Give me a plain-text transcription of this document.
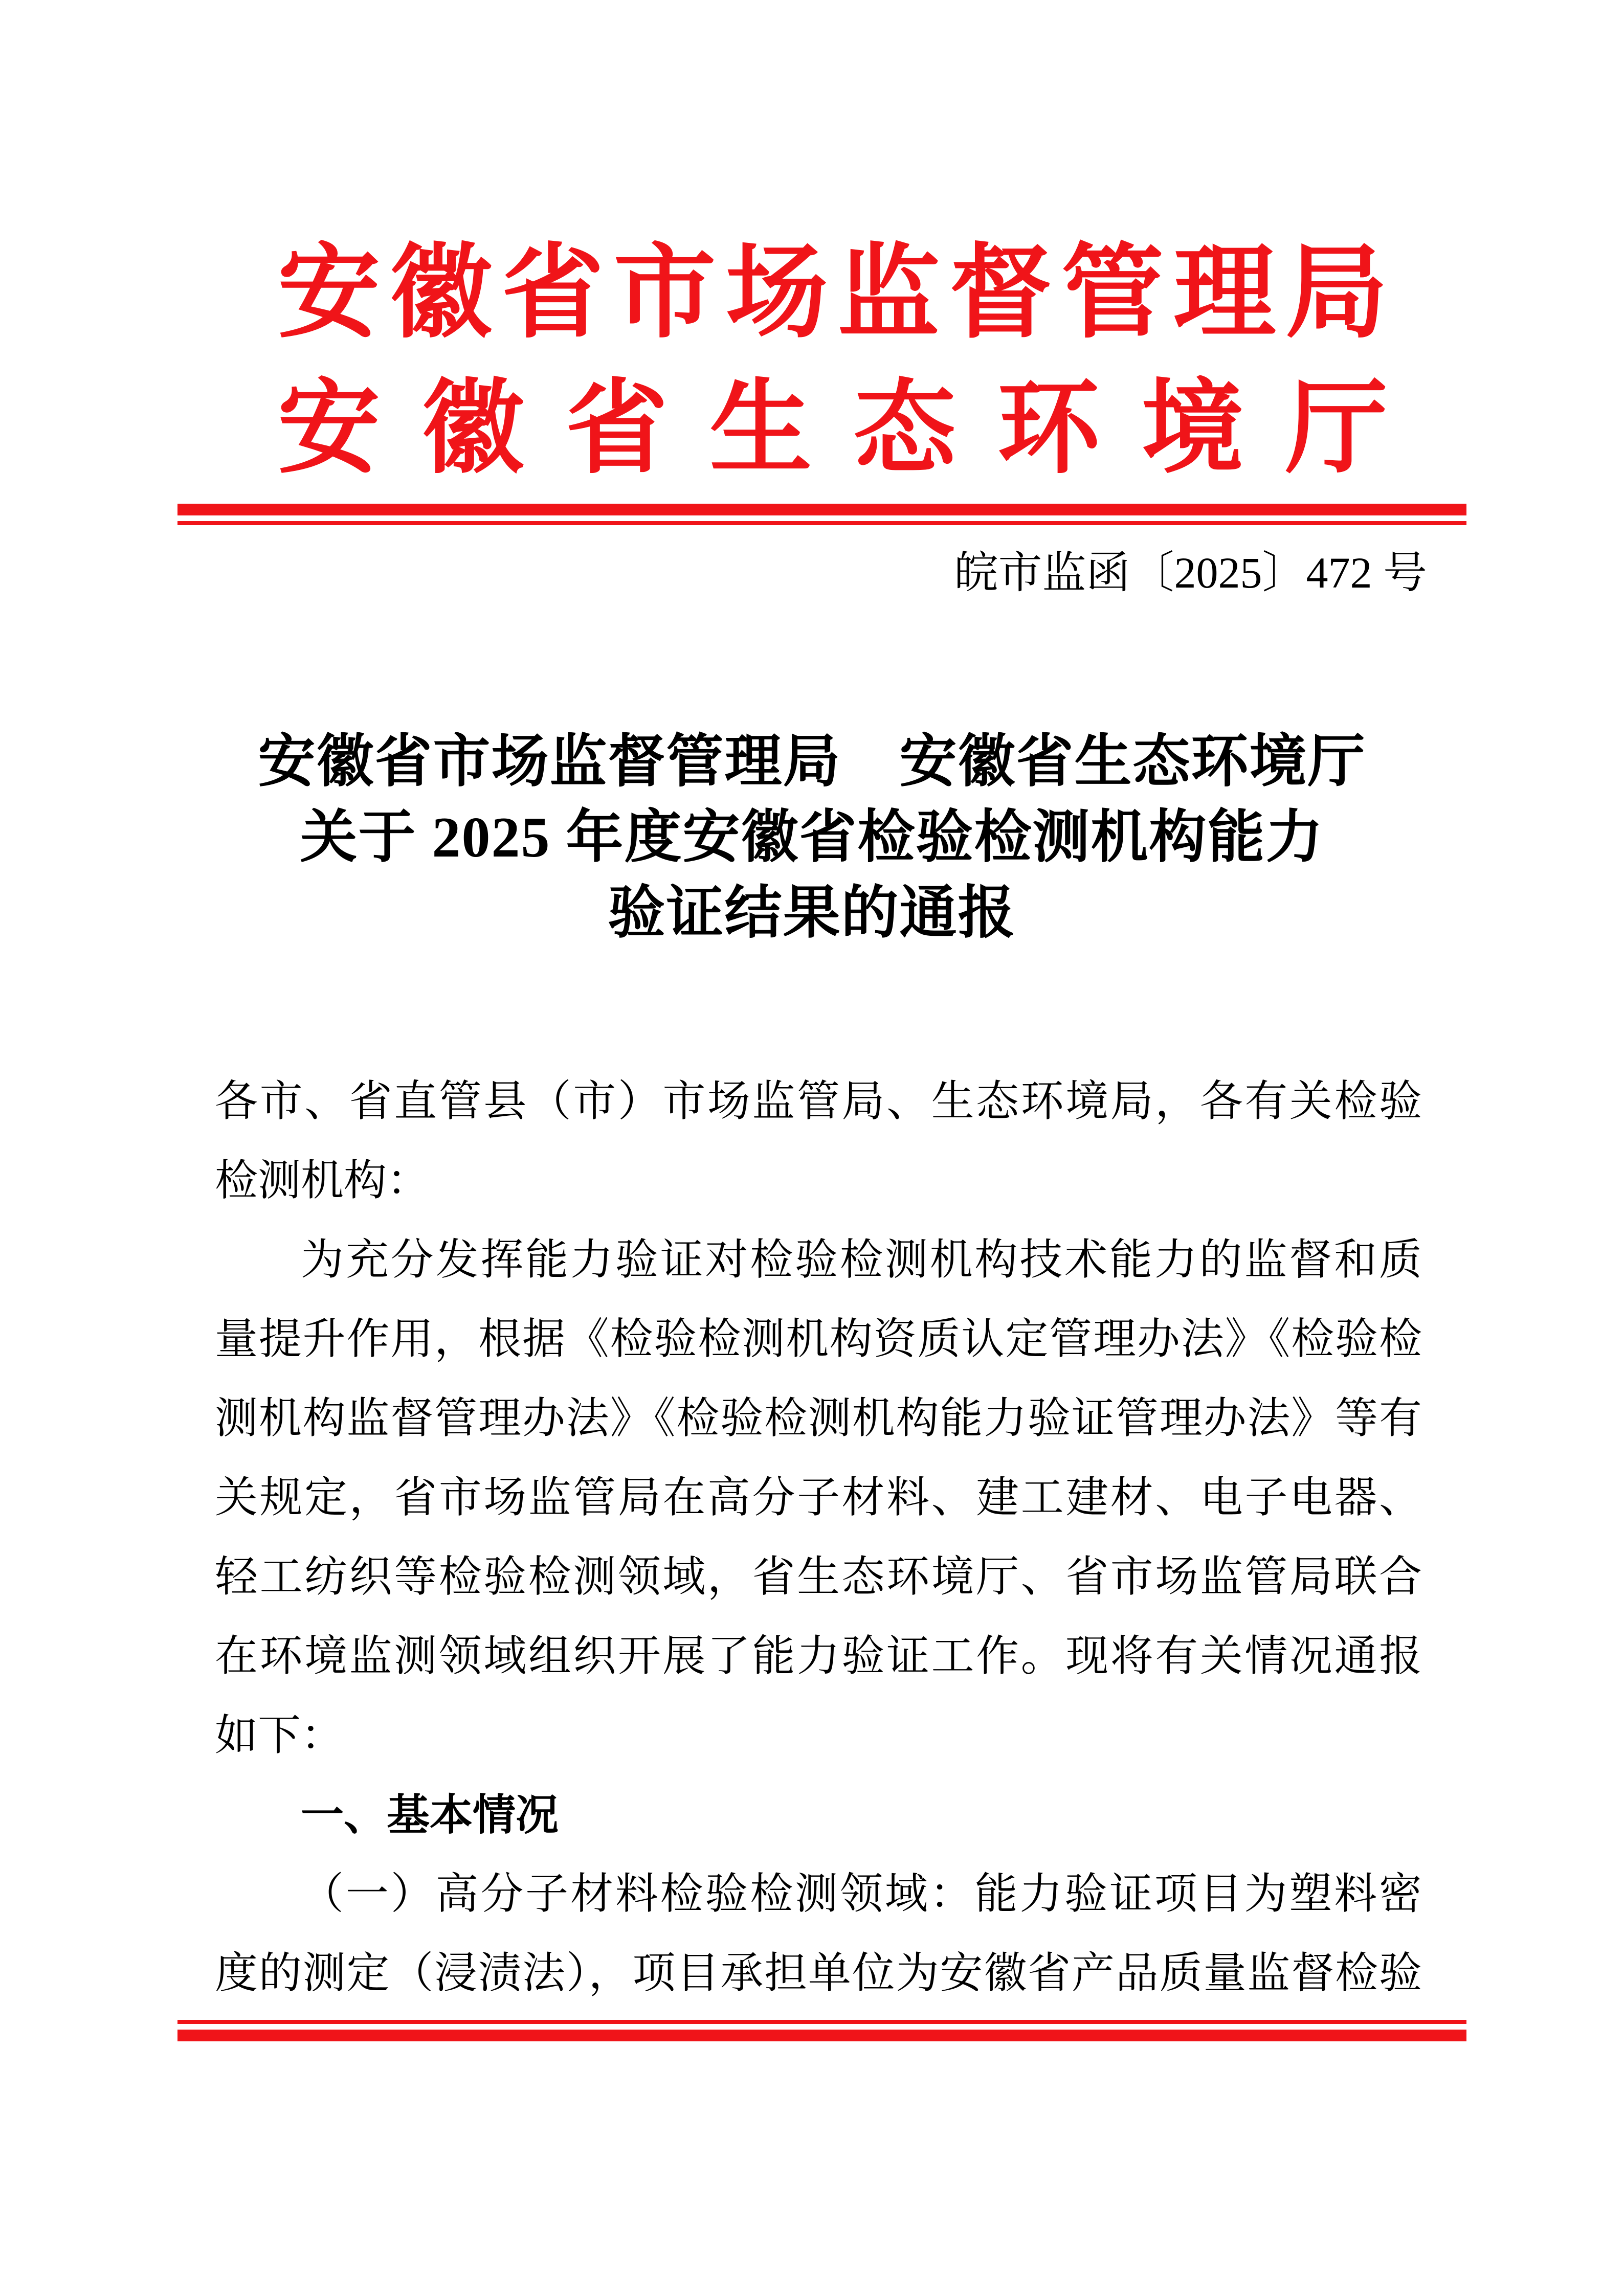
安徽省市场监督管理局
安徽省生态环境厅
皖市监函〔2025〕472 号
安徽省市场监督管理局　安徽省生态环境厅
关于 2025 年度安徽省检验检测机构能力
验证结果的通报
各市、省直管县（市）市场监管局、生态环境局，各有关检验
检测机构：
为充分发挥能力验证对检验检测机构技术能力的监督和质
量提升作用，根据《检验检测机构资质认定管理办法》《检验检
测机构监督管理办法》《检验检测机构能力验证管理办法》等有
关规定，省市场监管局在高分子材料、建工建材、电子电器、
轻工纺织等检验检测领域，省生态环境厅、省市场监管局联合
在环境监测领域组织开展了能力验证工作。现将有关情况通报
如下：
一、基本情况
（一）高分子材料检验检测领域：能力验证项目为塑料密
度的测定（浸渍法），项目承担单位为安徽省产品质量监督检验
